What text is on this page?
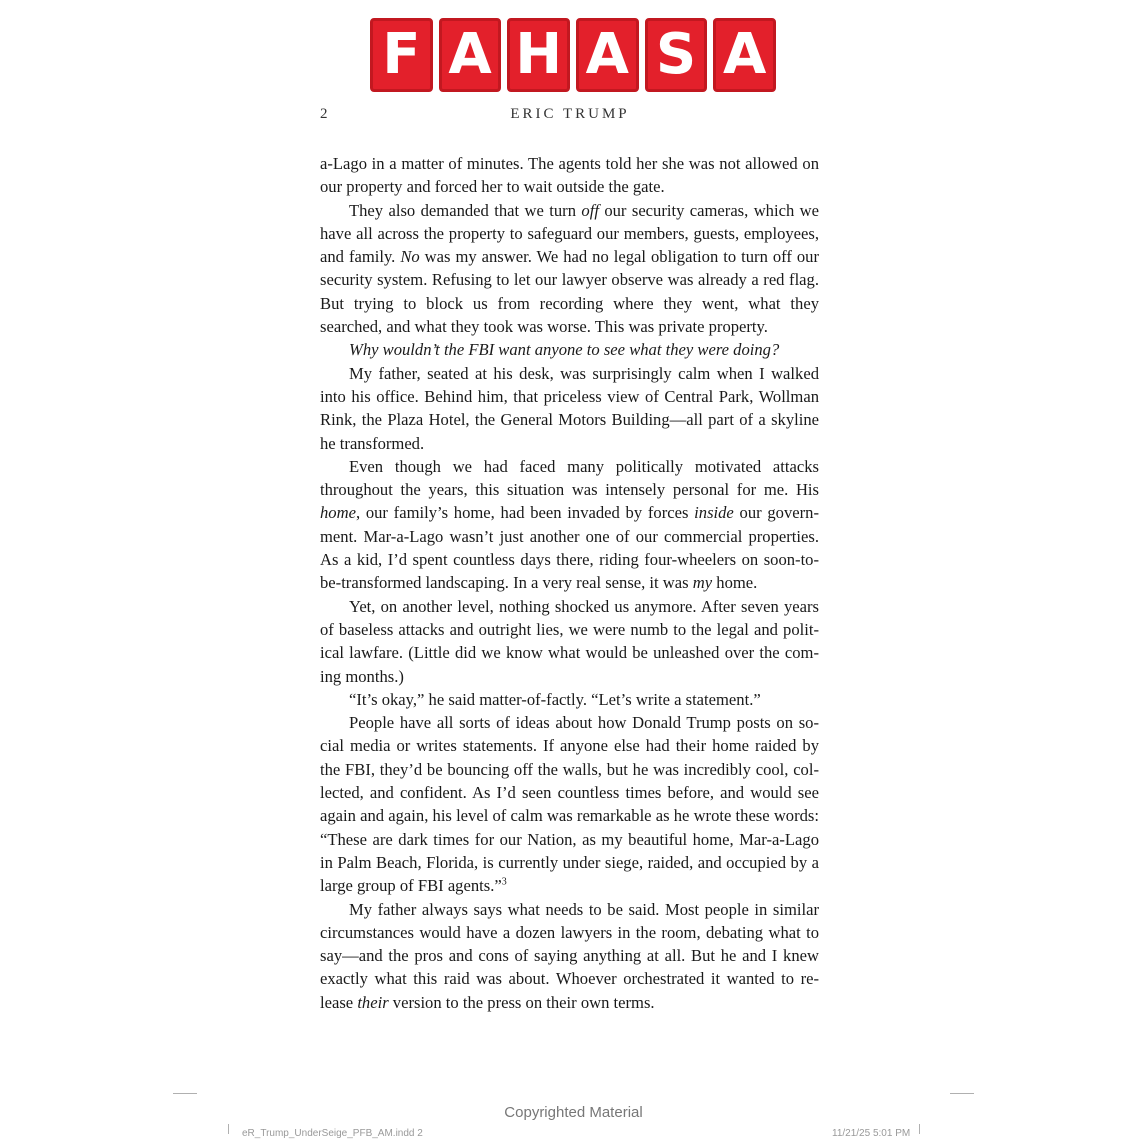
F A H A S A
2	ERIC TRUMP

a-Lago in a matter of minutes. The agents told her she was not allowed on our property and forced her to wait outside the gate.

They also demanded that we turn off our security cameras, which we have all across the property to safeguard our members, guests, employees, and family. No was my answer. We had no legal obligation to turn off our security system. Refusing to let our lawyer observe was already a red flag. But trying to block us from recording where they went, what they searched, and what they took was worse. This was private property.

Why wouldn’t the FBI want anyone to see what they were doing?

My father, seated at his desk, was surprisingly calm when I walked into his office. Behind him, that priceless view of Central Park, Wollman Rink, the Plaza Hotel, the General Motors Building—all part of a skyline he transformed.

Even though we had faced many politically motivated attacks throughout the years, this situation was intensely personal for me. His home, our family’s home, had been invaded by forces inside our government. Mar-a-Lago wasn’t just another one of our commercial properties. As a kid, I’d spent countless days there, riding four-wheelers on soon-to-be-transformed landscaping. In a very real sense, it was my home.

Yet, on another level, nothing shocked us anymore. After seven years of baseless attacks and outright lies, we were numb to the legal and political lawfare. (Little did we know what would be unleashed over the coming months.)

“It’s okay,” he said matter-of-factly. “Let’s write a statement.”

People have all sorts of ideas about how Donald Trump posts on social media or writes statements. If anyone else had their home raided by the FBI, they’d be bouncing off the walls, but he was incredibly cool, collected, and confident. As I’d seen countless times before, and would see again and again, his level of calm was remarkable as he wrote these words: “These are dark times for our Nation, as my beautiful home, Mar-a-Lago in Palm Beach, Florida, is currently under siege, raided, and occupied by a large group of FBI agents.”$^3$

My father always says what needs to be said. Most people in similar circumstances would have a dozen lawyers in the room, debating what to say—and the pros and cons of saying anything at all. But he and I knew exactly what this raid was about. Whoever orchestrated it wanted to release their version to the press on their own terms.

Copyrighted Material
eR_Trump_UnderSeige_PFB_AM.indd 2	11/21/25 5:01 PM
